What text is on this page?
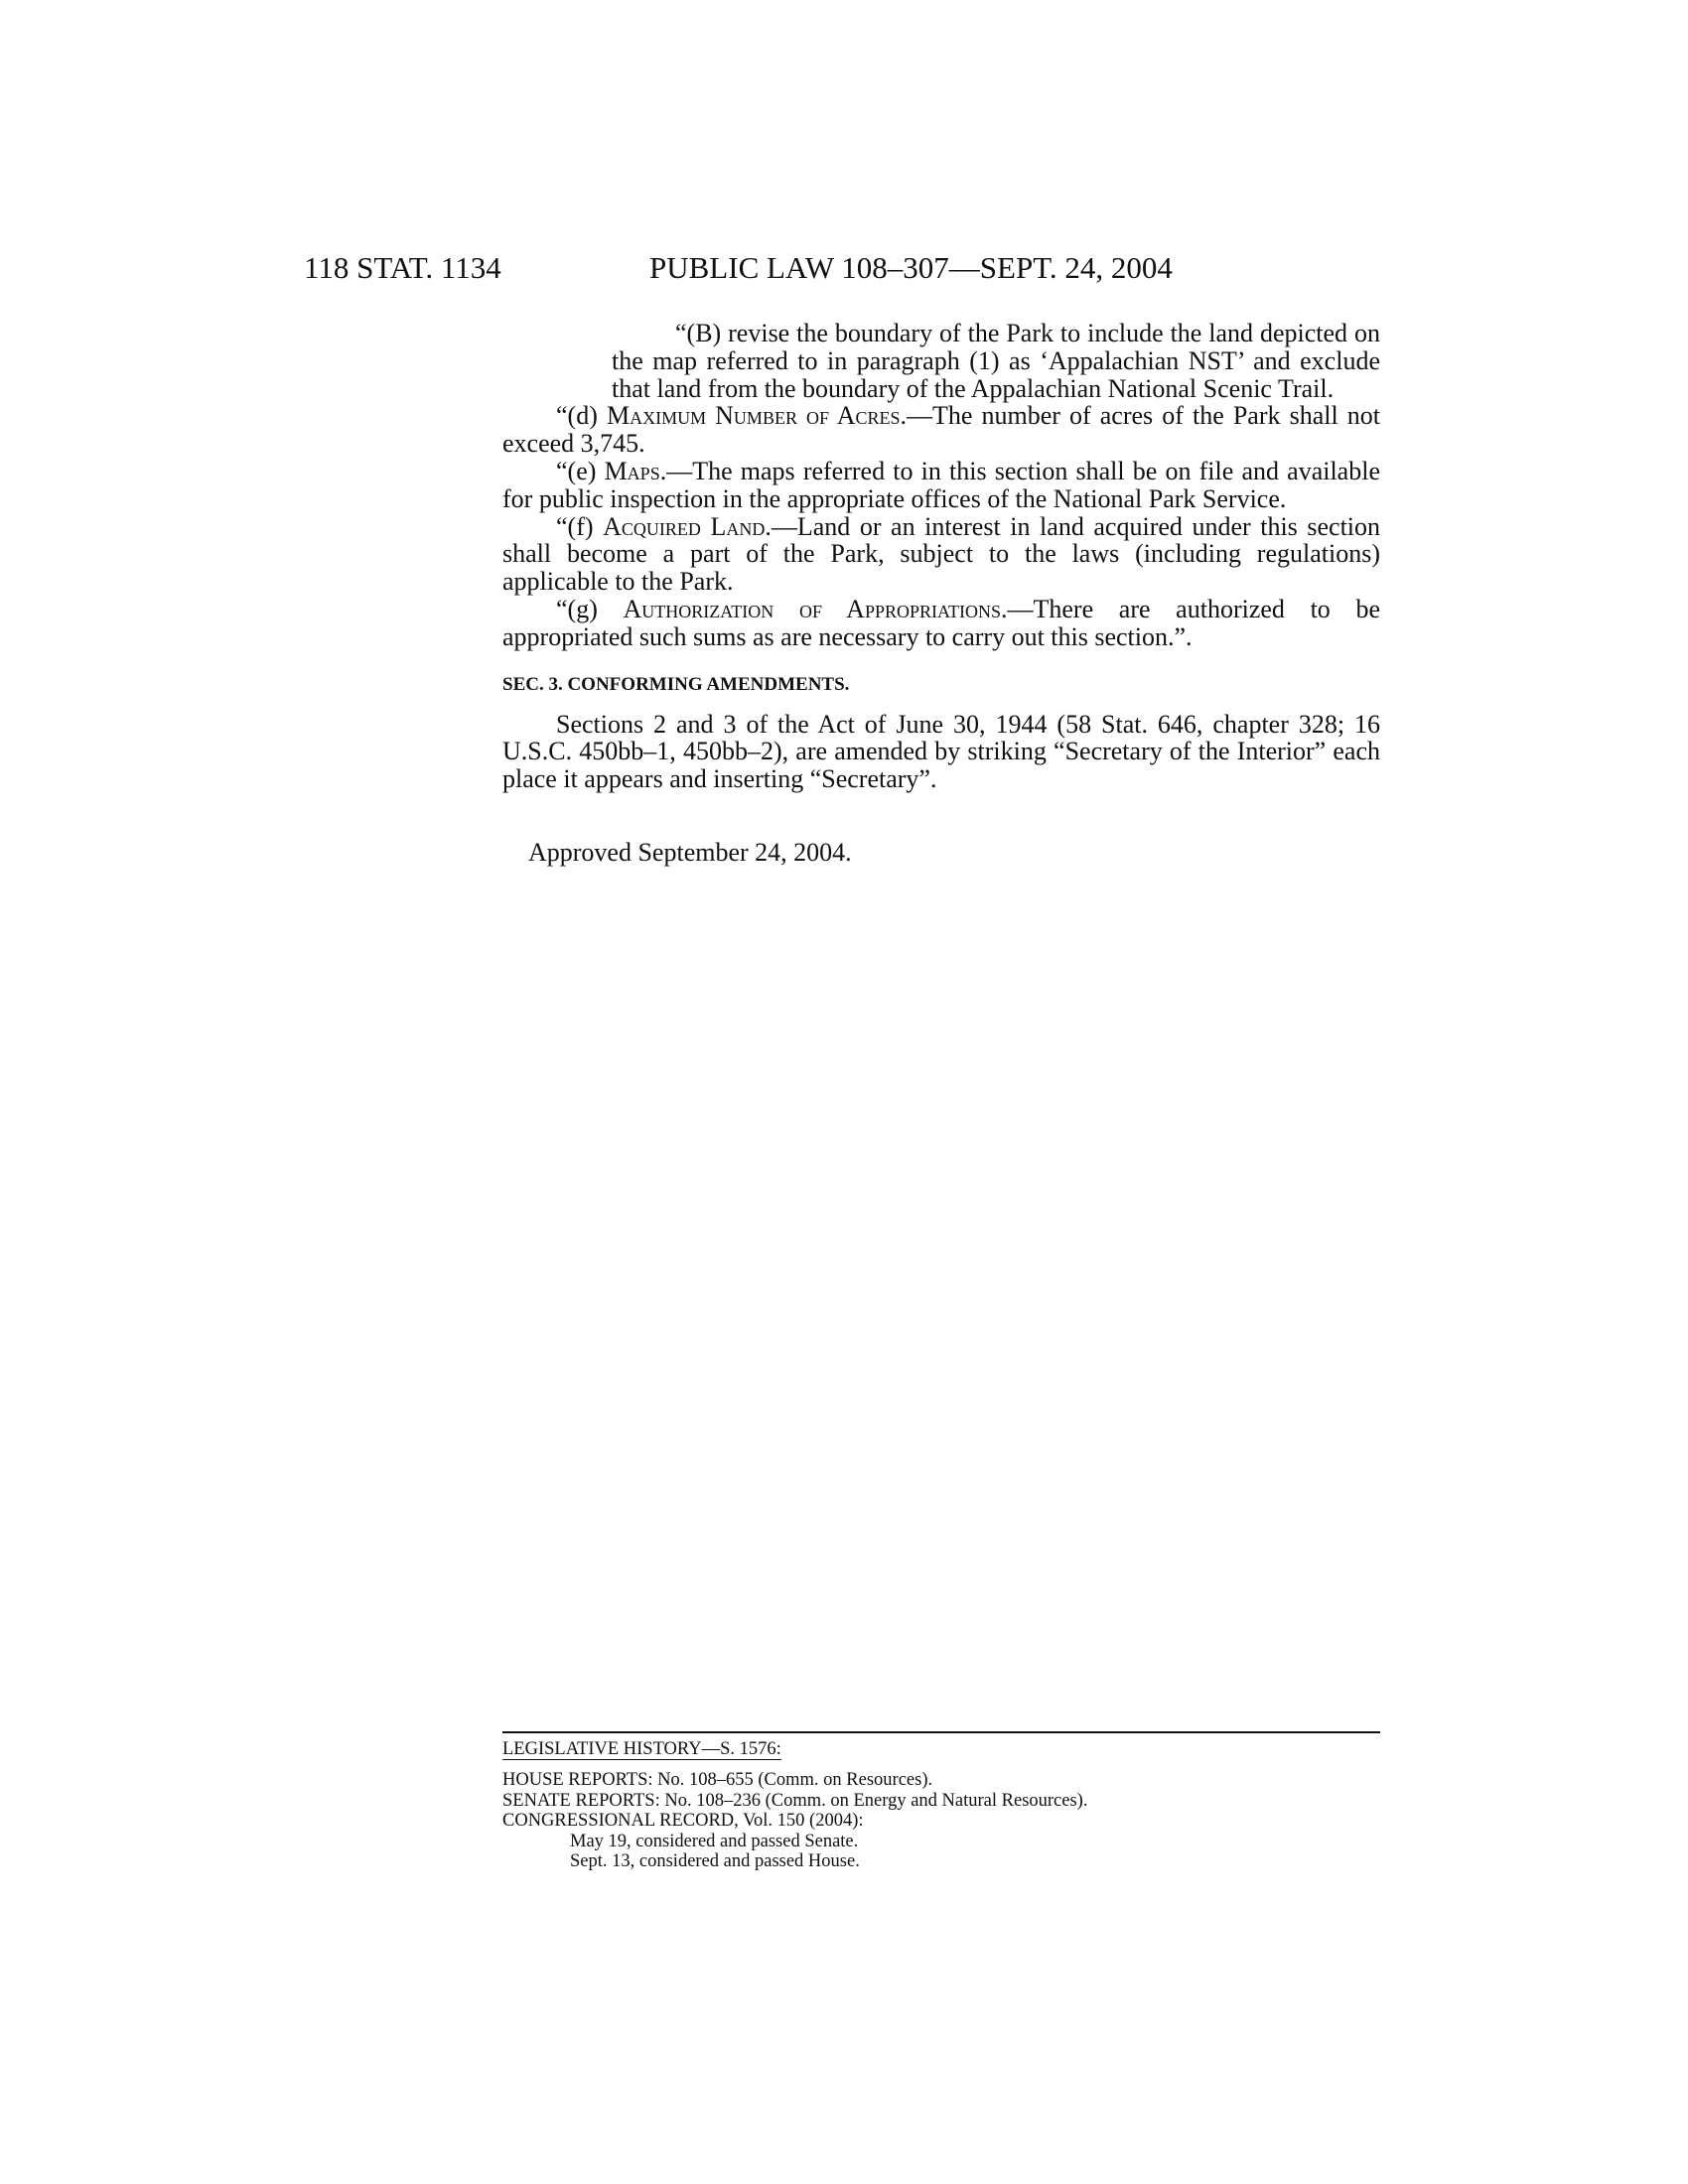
118 STAT. 1134	PUBLIC LAW 108–307—SEPT. 24, 2004

“(B) revise the boundary of the Park to include the land depicted on the map referred to in paragraph (1) as ‘Appalachian NST’ and exclude that land from the boundary of the Appalachian National Scenic Trail.

“(d) Maximum Number of Acres.—The number of acres of the Park shall not exceed 3,745.

“(e) Maps.—The maps referred to in this section shall be on file and available for public inspection in the appropriate offices of the National Park Service.

“(f) Acquired Land.—Land or an interest in land acquired under this section shall become a part of the Park, subject to the laws (including regulations) applicable to the Park.

“(g) Authorization of Appropriations.—There are authorized to be appropriated such sums as are necessary to carry out this section.”.

SEC. 3. CONFORMING AMENDMENTS.

Sections 2 and 3 of the Act of June 30, 1944 (58 Stat. 646, chapter 328; 16 U.S.C. 450bb–1, 450bb–2), are amended by striking “Secretary of the Interior” each place it appears and inserting “Secretary”.

Approved September 24, 2004.

LEGISLATIVE HISTORY—S. 1576:
HOUSE REPORTS: No. 108–655 (Comm. on Resources).
SENATE REPORTS: No. 108–236 (Comm. on Energy and Natural Resources).
CONGRESSIONAL RECORD, Vol. 150 (2004):
May 19, considered and passed Senate.
Sept. 13, considered and passed House.
